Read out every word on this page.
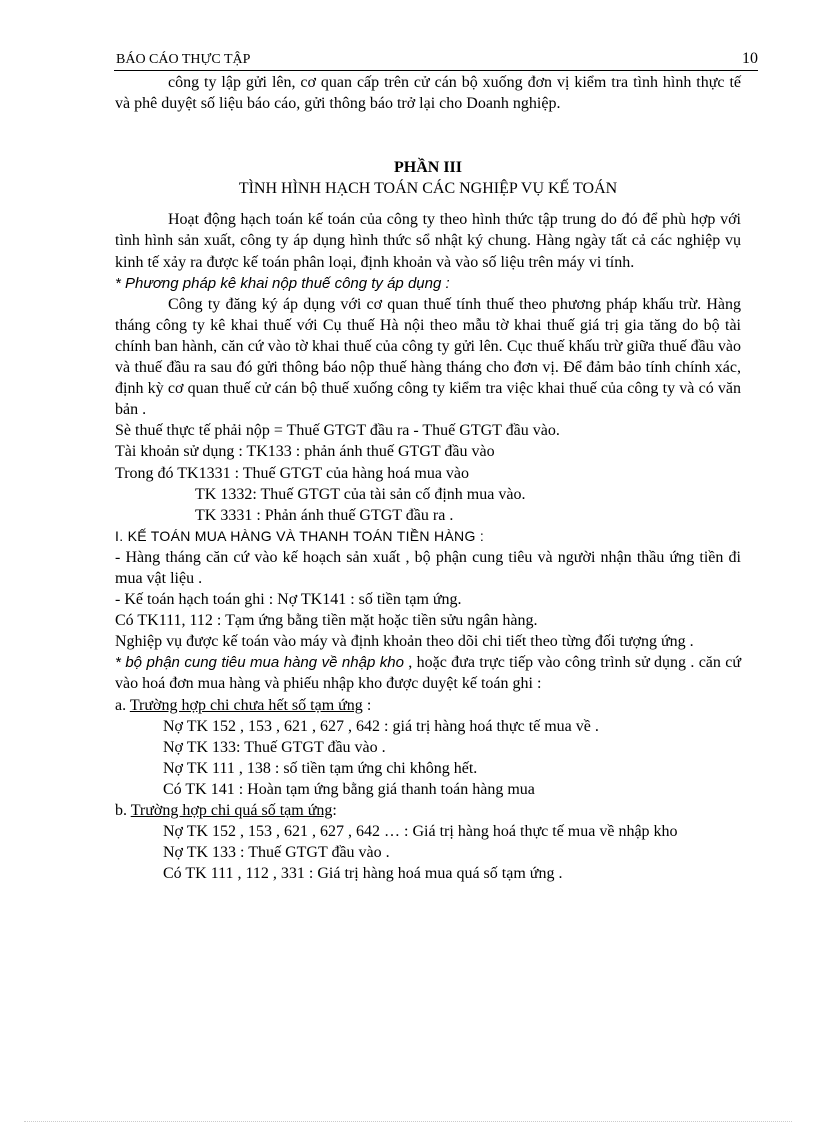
BÁO CÁO THỰC TẬP	10

công ty lập gửi lên, cơ quan cấp trên cử cán bộ xuống đơn vị kiểm tra tình hình thực tế và phê duyệt số liệu báo cáo, gửi thông báo trở lại cho Doanh nghiệp.

PHẦN III

TÌNH HÌNH HẠCH TOÁN CÁC NGHIỆP VỤ KẾ TOÁN

Hoạt động hạch toán kế toán của công ty theo hình thức tập trung do đó để phù hợp với tình hình sản xuất, công ty áp dụng hình thức sổ nhật ký chung. Hàng ngày tất cả các nghiệp vụ kinh tế xảy ra được kế toán phân loại, định khoản và vào số liệu trên máy vi tính.

* Phương pháp kê khai nộp thuế công ty áp dụng :

Công ty đăng ký áp dụng với cơ quan thuế tính thuế theo phương pháp khấu trừ. Hàng tháng công ty kê khai thuế với Cụ thuế Hà nội theo mẫu tờ khai thuế giá trị gia tăng do bộ tài chính ban hành, căn cứ vào tờ khai thuế của công ty gửi lên. Cục thuế khấu trừ giữa thuế đầu vào và thuế đầu ra sau đó gửi thông báo nộp thuế hàng tháng cho đơn vị. Để đảm bảo tính chính xác, định kỳ cơ quan thuế cử cán bộ thuế xuống công ty kiểm tra việc khai thuế của công ty và có văn bản .

Sè thuế thực tế phải nộp = Thuế GTGT đầu ra - Thuế GTGT đầu vào.

Tài khoản sử dụng : TK133 : phản ánh thuế GTGT đầu vào

Trong đó TK1331 : Thuế GTGT của hàng hoá mua vào

TK 1332: Thuế GTGT của tài sản cố định mua vào.

TK 3331 : Phản ánh thuế GTGT đầu ra .

I. KẾ TOÁN MUA HÀNG VÀ THANH TOÁN TIỀN HÀNG :

- Hàng tháng căn cứ vào kế hoạch sản xuất , bộ phận cung tiêu và người nhận thầu ứng tiền đi mua vật liệu .

- Kế toán hạch toán ghi : Nợ TK141 : số tiền tạm ứng.

Có TK111, 112 : Tạm ứng bằng tiền mặt hoặc tiền sửu ngân hàng.

Nghiệp vụ được kế toán vào máy và định khoản theo dõi chi tiết theo từng đối tượng ứng .

* bộ phận cung tiêu mua hàng về nhập kho , hoặc đưa trực tiếp vào công trình sử dụng . căn cứ vào hoá đơn mua hàng và phiếu nhập kho được duyệt kế toán ghi :

a. Trường hợp chi chưa hết số tạm ứng :

Nợ TK 152 , 153 , 621 , 627 , 642 : giá trị hàng hoá thực tế mua về .

Nợ TK 133: Thuế GTGT đầu vào .

Nợ TK 111 , 138 : số tiền tạm ứng chi không hết.

Có TK 141 : Hoàn tạm ứng bằng giá thanh toán hàng mua

b. Trường hợp chi quá số tạm ứng:

Nợ TK 152 , 153 , 621 , 627 , 642 … : Giá trị hàng hoá thực tế mua về nhập kho

Nợ TK 133 : Thuế GTGT đầu vào .

Có TK 111 , 112 , 331 : Giá trị hàng hoá mua quá số tạm ứng .
